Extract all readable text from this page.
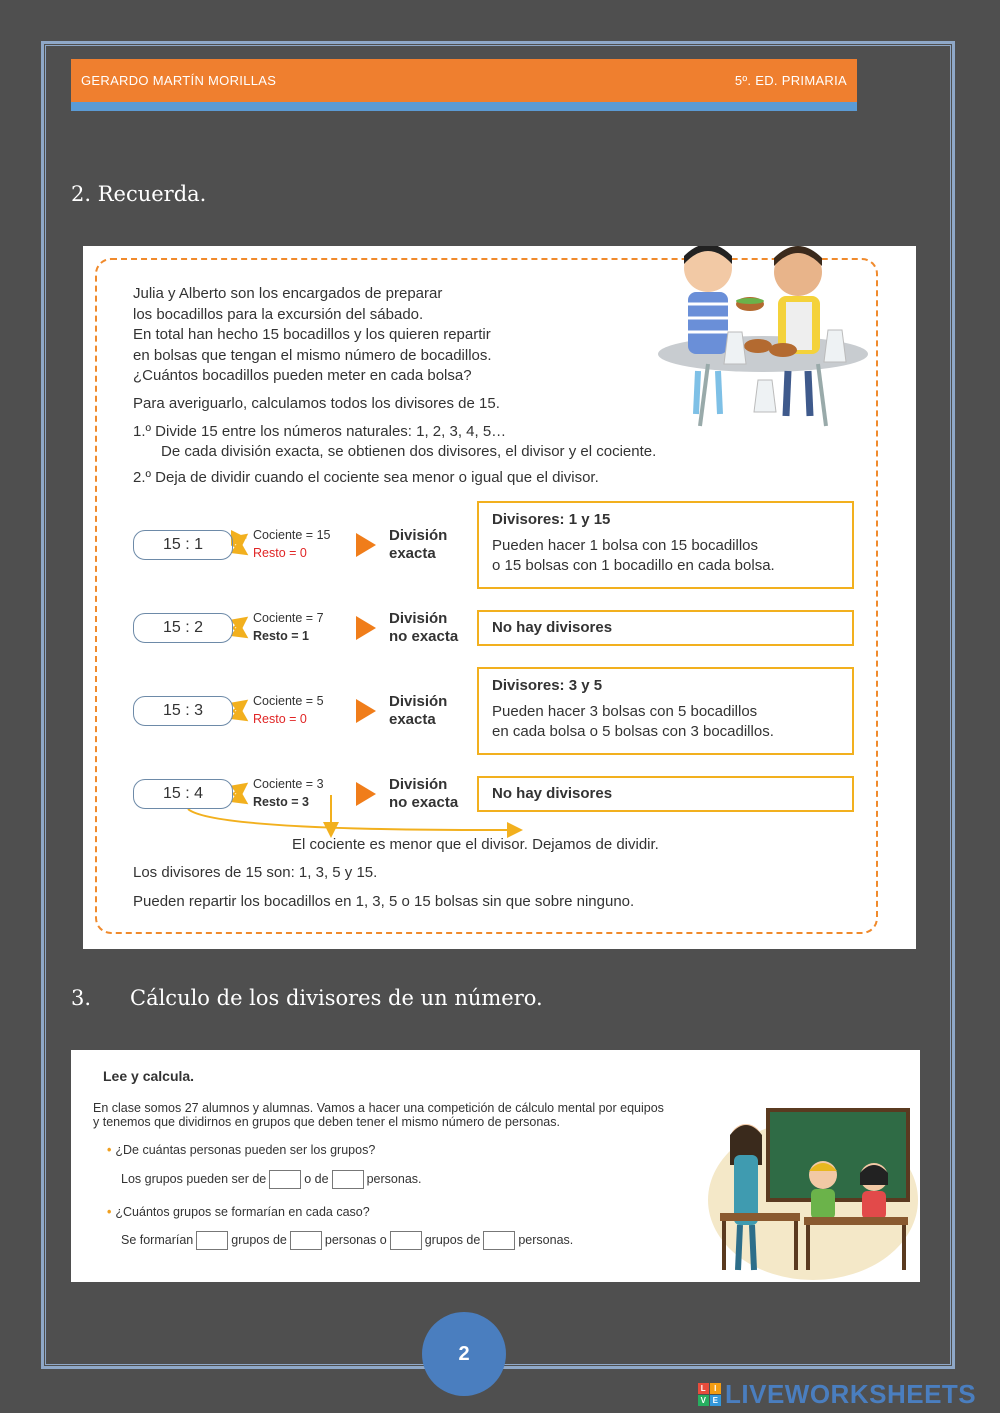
GERARDO MARTÍN MORILLAS	5º. ED. PRIMARIA
2. Recuerda.
Julia y Alberto son los encargados de preparar
los bocadillos para la excursión del sábado.
En total han hecho 15 bocadillos y los quieren repartir
en bolsas que tengan el mismo número de bocadillos.
¿Cuántos bocadillos pueden meter en cada bolsa?
Para averiguarlo, calculamos todos los divisores de 15.
1.º Divide 15 entre los números naturales: 1, 2, 3, 4, 5…
De cada división exacta, se obtienen dos divisores, el divisor y el cociente.
2.º Deja de dividir cuando el cociente sea menor o igual que el divisor.
15 : 1
Cociente = 15
Resto = 0
División
exacta
Divisores: 1 y 15
Pueden hacer 1 bolsa con 15 bocadillos
o 15 bolsas con 1 bocadillo en cada bolsa.
15 : 2
Cociente = 7
Resto = 1
División
no exacta
No hay divisores
15 : 3
Cociente = 5
Resto = 0
División
exacta
Divisores: 3 y 5
Pueden hacer 3 bolsas con 5 bocadillos
en cada bolsa o 5 bolsas con 3 bocadillos.
15 : 4
Cociente = 3
Resto = 3
División
no exacta
No hay divisores
El cociente es menor que el divisor. Dejamos de dividir.
Los divisores de 15 son: 1, 3, 5 y 15.
Pueden repartir los bocadillos en 1, 3, 5 o 15 bolsas sin que sobre ninguno.
3. Cálculo de los divisores de un número.
Lee y calcula.
En clase somos 27 alumnos y alumnas. Vamos a hacer una competición de cálculo mental por equipos
y tenemos que dividirnos en grupos que deben tener el mismo número de personas.
• ¿De cuántas personas pueden ser los grupos?
Los grupos pueden ser de	o de	personas.
• ¿Cuántos grupos se formarían en cada caso?
Se formarían	grupos de	personas o	grupos de	personas.
2
L I
V E LIVEWORKSHEETS
